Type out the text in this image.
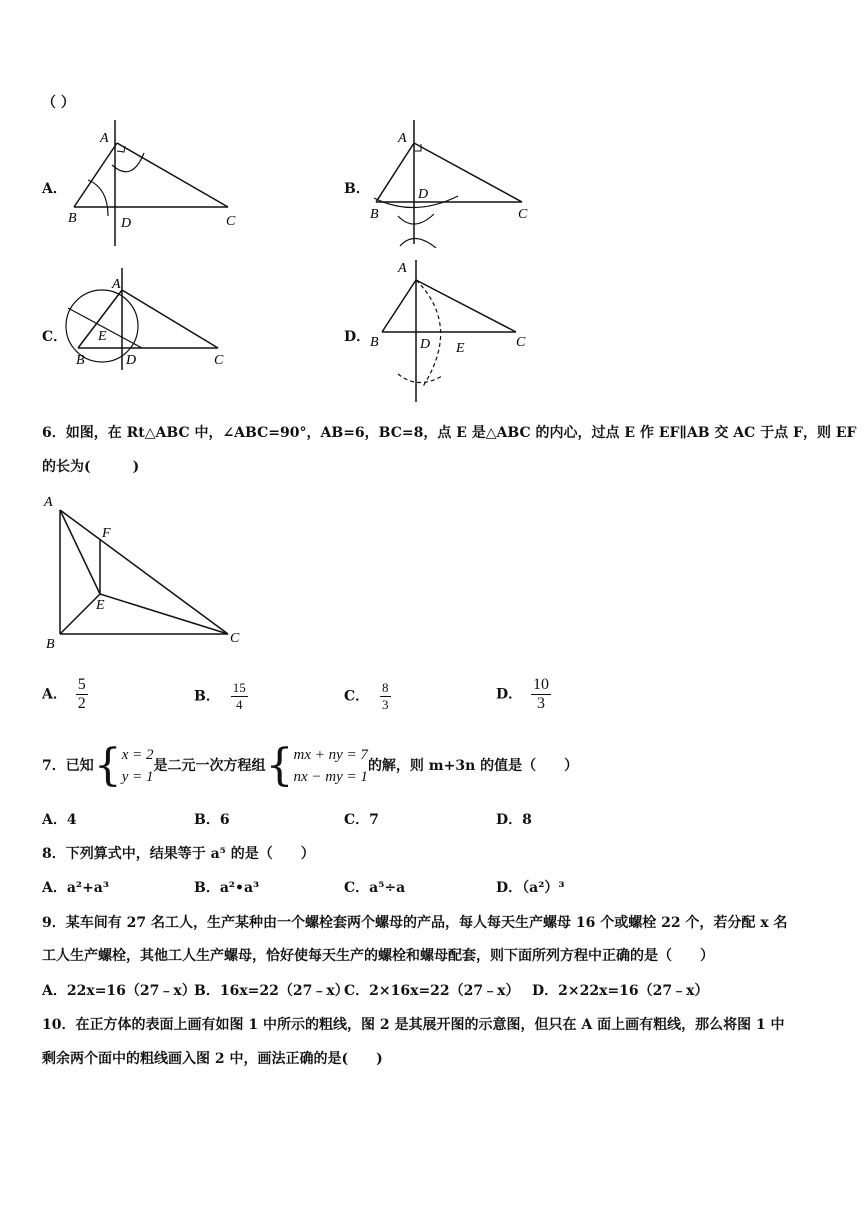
（ ）
A．
A
B	D	C
B．
A
B
D
C
C．
A
E
B	D	C
D．
A
B	D E	C
6．如图，在 Rt△ABC 中，∠ABC=90°，AB=6，BC=8，点 E 是△ABC 的内心，过点 E 作 EF∥AB 交 AC 于点 F，则 EF
的长为(　　　)
A
F
E
B	C
A． $\frac{5}{2}$	B． $\frac{15}{4}$	C． $\frac{8}{3}$	D． $\frac{10}{3}$
7．已知{ x = 2
y = 1
是二元一次方程组{ mx + ny = 7
nx − my = 1
的解，则 m+3n 的值是（　　）
A．4	B．6	C．7	D．8
8．下列算式中，结果等于 a⁵ 的是（　　）
A．a²+a³	B．a²•a³	C．a⁵÷a	D．（a²）³
9．某车间有 27 名工人，生产某种由一个螺栓套两个螺母的产品，每人每天生产螺母 16 个或螺栓 22 个，若分配 x 名
工人生产螺栓，其他工人生产螺母，恰好使每天生产的螺栓和螺母配套，则下面所列方程中正确的是（　　）
A．22x=16（27﹣x）
B．16x=22（27﹣x）
C．2×16x=22（27﹣x） D．2×22x=16（27﹣x）
10．在正方体的表面上画有如图 1 中所示的粗线，图 2 是其展开图的示意图，但只在 A 面上画有粗线，那么将图 1 中
剩余两个面中的粗线画入图 2 中，画法正确的是(　　)
